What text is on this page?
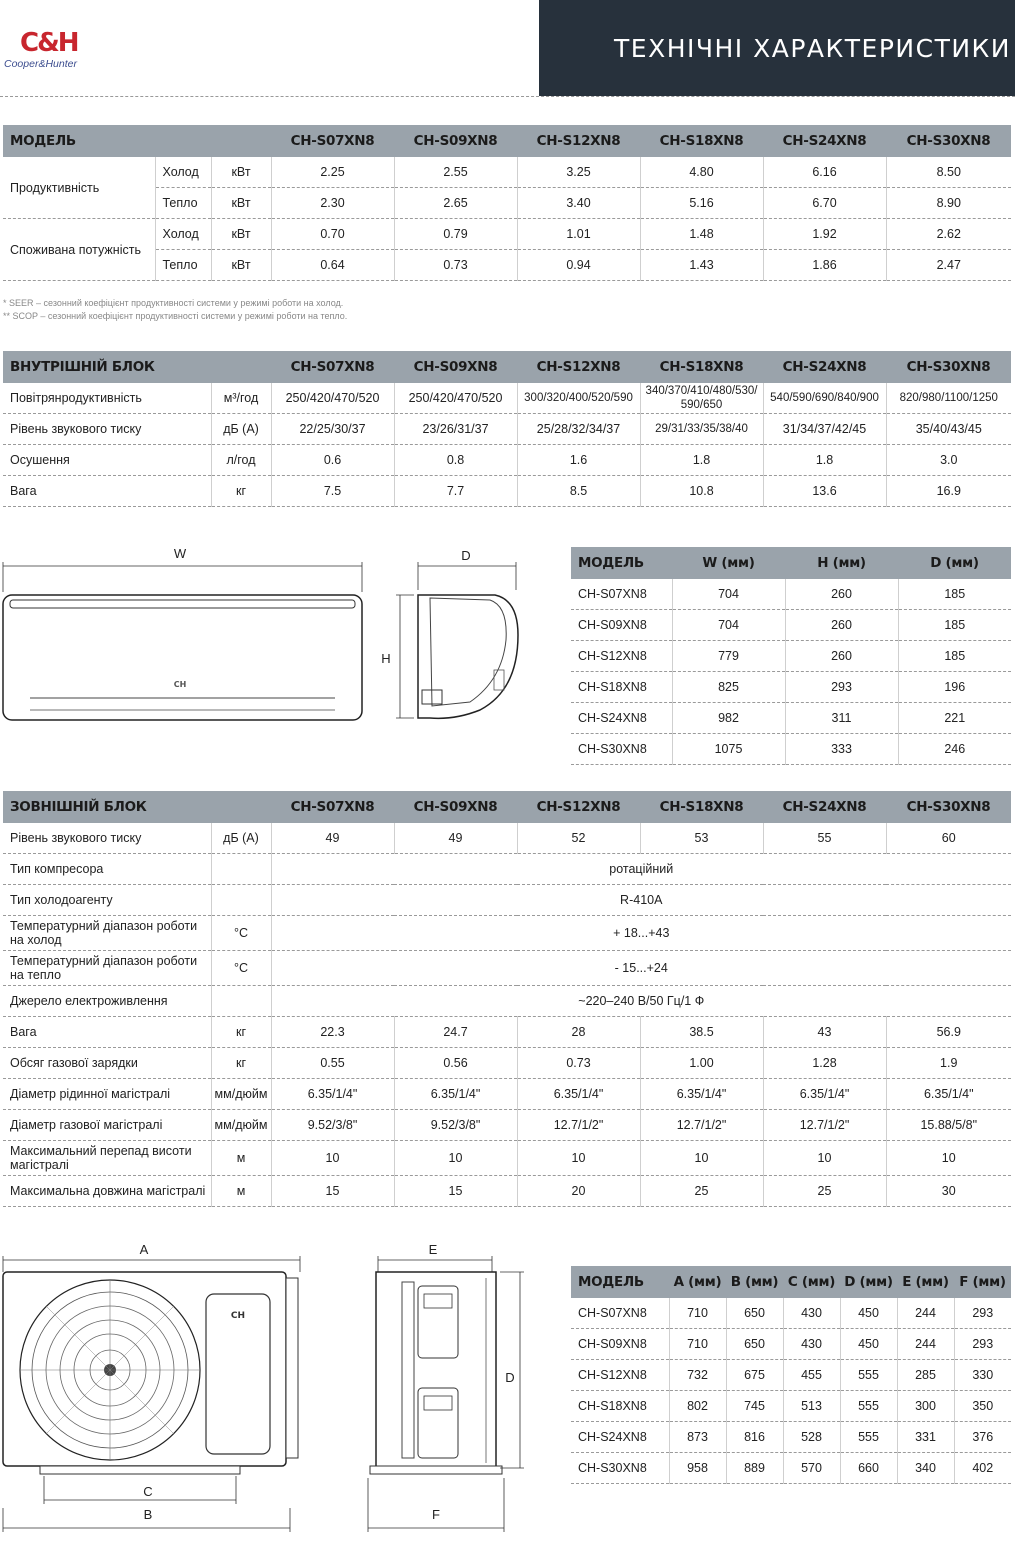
C&H
Cooper&Hunter
ТЕХНІЧНІ ХАРАКТЕРИСТИКИ
МОДЕЛЬ			CH-S07XN8	CH-S09XN8	CH-S12XN8	CH-S18XN8	CH-S24XN8	CH-S30XN8
Продуктивність	Холод	кВт	2.25	2.55	3.25	4.80	6.16	8.50
	Тепло	кВт	2.30	2.65	3.40	5.16	6.70	8.90
Споживана потужність	Холод	кВт	0.70	0.79	1.01	1.48	1.92	2.62
	Тепло	кВт	0.64	0.73	0.94	1.43	1.86	2.47
* SEER – сезонний коефіцієнт продуктивності системи у режимі роботи на холод.
** SCOP – сезонний коефіцієнт продуктивності системи у режимі роботи на тепло.
ВНУТРІШНІЙ БЛОК		CH-S07XN8	CH-S09XN8	CH-S12XN8	CH-S18XN8	CH-S24XN8	CH-S30XN8
Повітрянродуктивність	м³/год	250/420/470/520	250/420/470/520	300/320/400/520/590	340/370/410/480/530/ 590/650	540/590/690/840/900	820/980/1100/1250
Рівень звукового тиску	дБ (А)	22/25/30/37	23/26/31/37	25/28/32/34/37	29/31/33/35/38/40	31/34/37/42/45	35/40/43/45
Осушення	л/год	0.6	0.8	1.6	1.8	1.8	3.0
Вага	кг	7.5	7.7	8.5	10.8	13.6	16.9
W
CH
D
H
МОДЕЛЬ	W (мм)	H (мм)	D (мм)
CH-S07XN8	704	260	185
CH-S09XN8	704	260	185
CH-S12XN8	779	260	185
CH-S18XN8	825	293	196
CH-S24XN8	982	311	221
CH-S30XN8	1075	333	246
ЗОВНІШНІЙ БЛОК		CH-S07XN8	CH-S09XN8	CH-S12XN8	CH-S18XN8	CH-S24XN8	CH-S30XN8
Рівень звукового тиску	дБ (А)	49	49	52	53	55	60
Тип компресора		ротаційний					
Тип холодоагенту		R-410A					
Температурний діапазон роботи на холод	°С	+ 18...+43					
Температурний діапазон роботи на тепло	°С	- 15...+24					
Джерело електроживлення		~220–240 В/50 Гц/1 Ф					
Вага	кг	22.3	24.7	28	38.5	43	56.9
Обсяг газової зарядки	кг	0.55	0.56	0.73	1.00	1.28	1.9
Діаметр рідинної магістралі	мм/дюйм	6.35/1/4"	6.35/1/4"	6.35/1/4"	6.35/1/4"	6.35/1/4"	6.35/1/4"
Діаметр газової магістралі	мм/дюйм	9.52/3/8"	9.52/3/8"	12.7/1/2"	12.7/1/2"	12.7/1/2"	15.88/5/8"
Максимальний перепад висоти магістралі	м	10	10	10	10	10	10
Максимальна довжина магістралі	м	15	15	20	25	25	30
A
CH
C
B
E
D
F
МОДЕЛЬ	A (мм)	B (мм)	C (мм)	D (мм)	E (мм)	F (мм)
CH-S07XN8	710	650	430	450	244	293
CH-S09XN8	710	650	430	450	244	293
CH-S12XN8	732	675	455	555	285	330
CH-S18XN8	802	745	513	555	300	350
CH-S24XN8	873	816	528	555	331	376
CH-S30XN8	958	889	570	660	340	402
